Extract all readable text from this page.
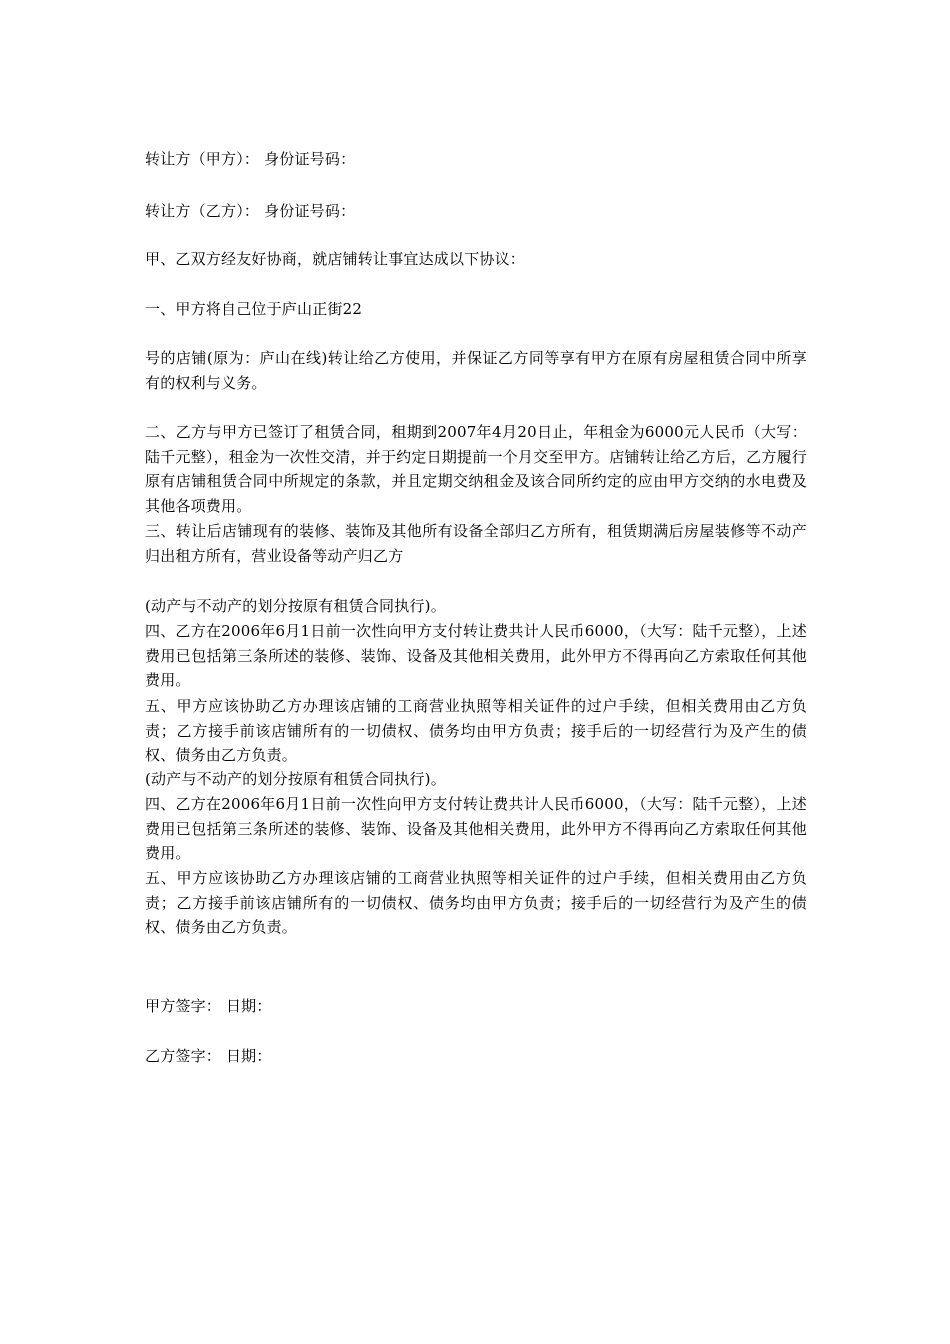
转让方（甲方）： 身份证号码：
转让方（乙方）： 身份证号码：
甲、乙双方经友好协商，就店铺转让事宜达成以下协议：
一、甲方将自己位于庐山正街22
号的店铺(原为：庐山在线)转让给乙方使用，并保证乙方同等享有甲方在原有房屋租赁合同中所享有的权利与义务。
二、乙方与甲方已签订了租赁合同，租期到2007年4月20日止，年租金为6000元人民币（大写：陆千元整），租金为一次性交清，并于约定日期提前一个月交至甲方。店铺转让给乙方后，乙方履行原有店铺租赁合同中所规定的条款，并且定期交纳租金及该合同所约定的应由甲方交纳的水电费及其他各项费用。
三、转让后店铺现有的装修、装饰及其他所有设备全部归乙方所有，租赁期满后房屋装修等不动产归出租方所有，营业设备等动产归乙方
(动产与不动产的划分按原有租赁合同执行)。
四、乙方在2006年6月1日前一次性向甲方支付转让费共计人民币6000，（大写：陆千元整），上述费用已包括第三条所述的装修、装饰、设备及其他相关费用，此外甲方不得再向乙方索取任何其他费用。
五、甲方应该协助乙方办理该店铺的工商营业执照等相关证件的过户手续，但相关费用由乙方负责；乙方接手前该店铺所有的一切债权、债务均由甲方负责；接手后的一切经营行为及产生的债权、债务由乙方负责。
(动产与不动产的划分按原有租赁合同执行)。
四、乙方在2006年6月1日前一次性向甲方支付转让费共计人民币6000，（大写：陆千元整），上述费用已包括第三条所述的装修、装饰、设备及其他相关费用，此外甲方不得再向乙方索取任何其他费用。
五、甲方应该协助乙方办理该店铺的工商营业执照等相关证件的过户手续，但相关费用由乙方负责；乙方接手前该店铺所有的一切债权、债务均由甲方负责；接手后的一切经营行为及产生的债权、债务由乙方负责。
甲方签字： 日期：
乙方签字： 日期：
